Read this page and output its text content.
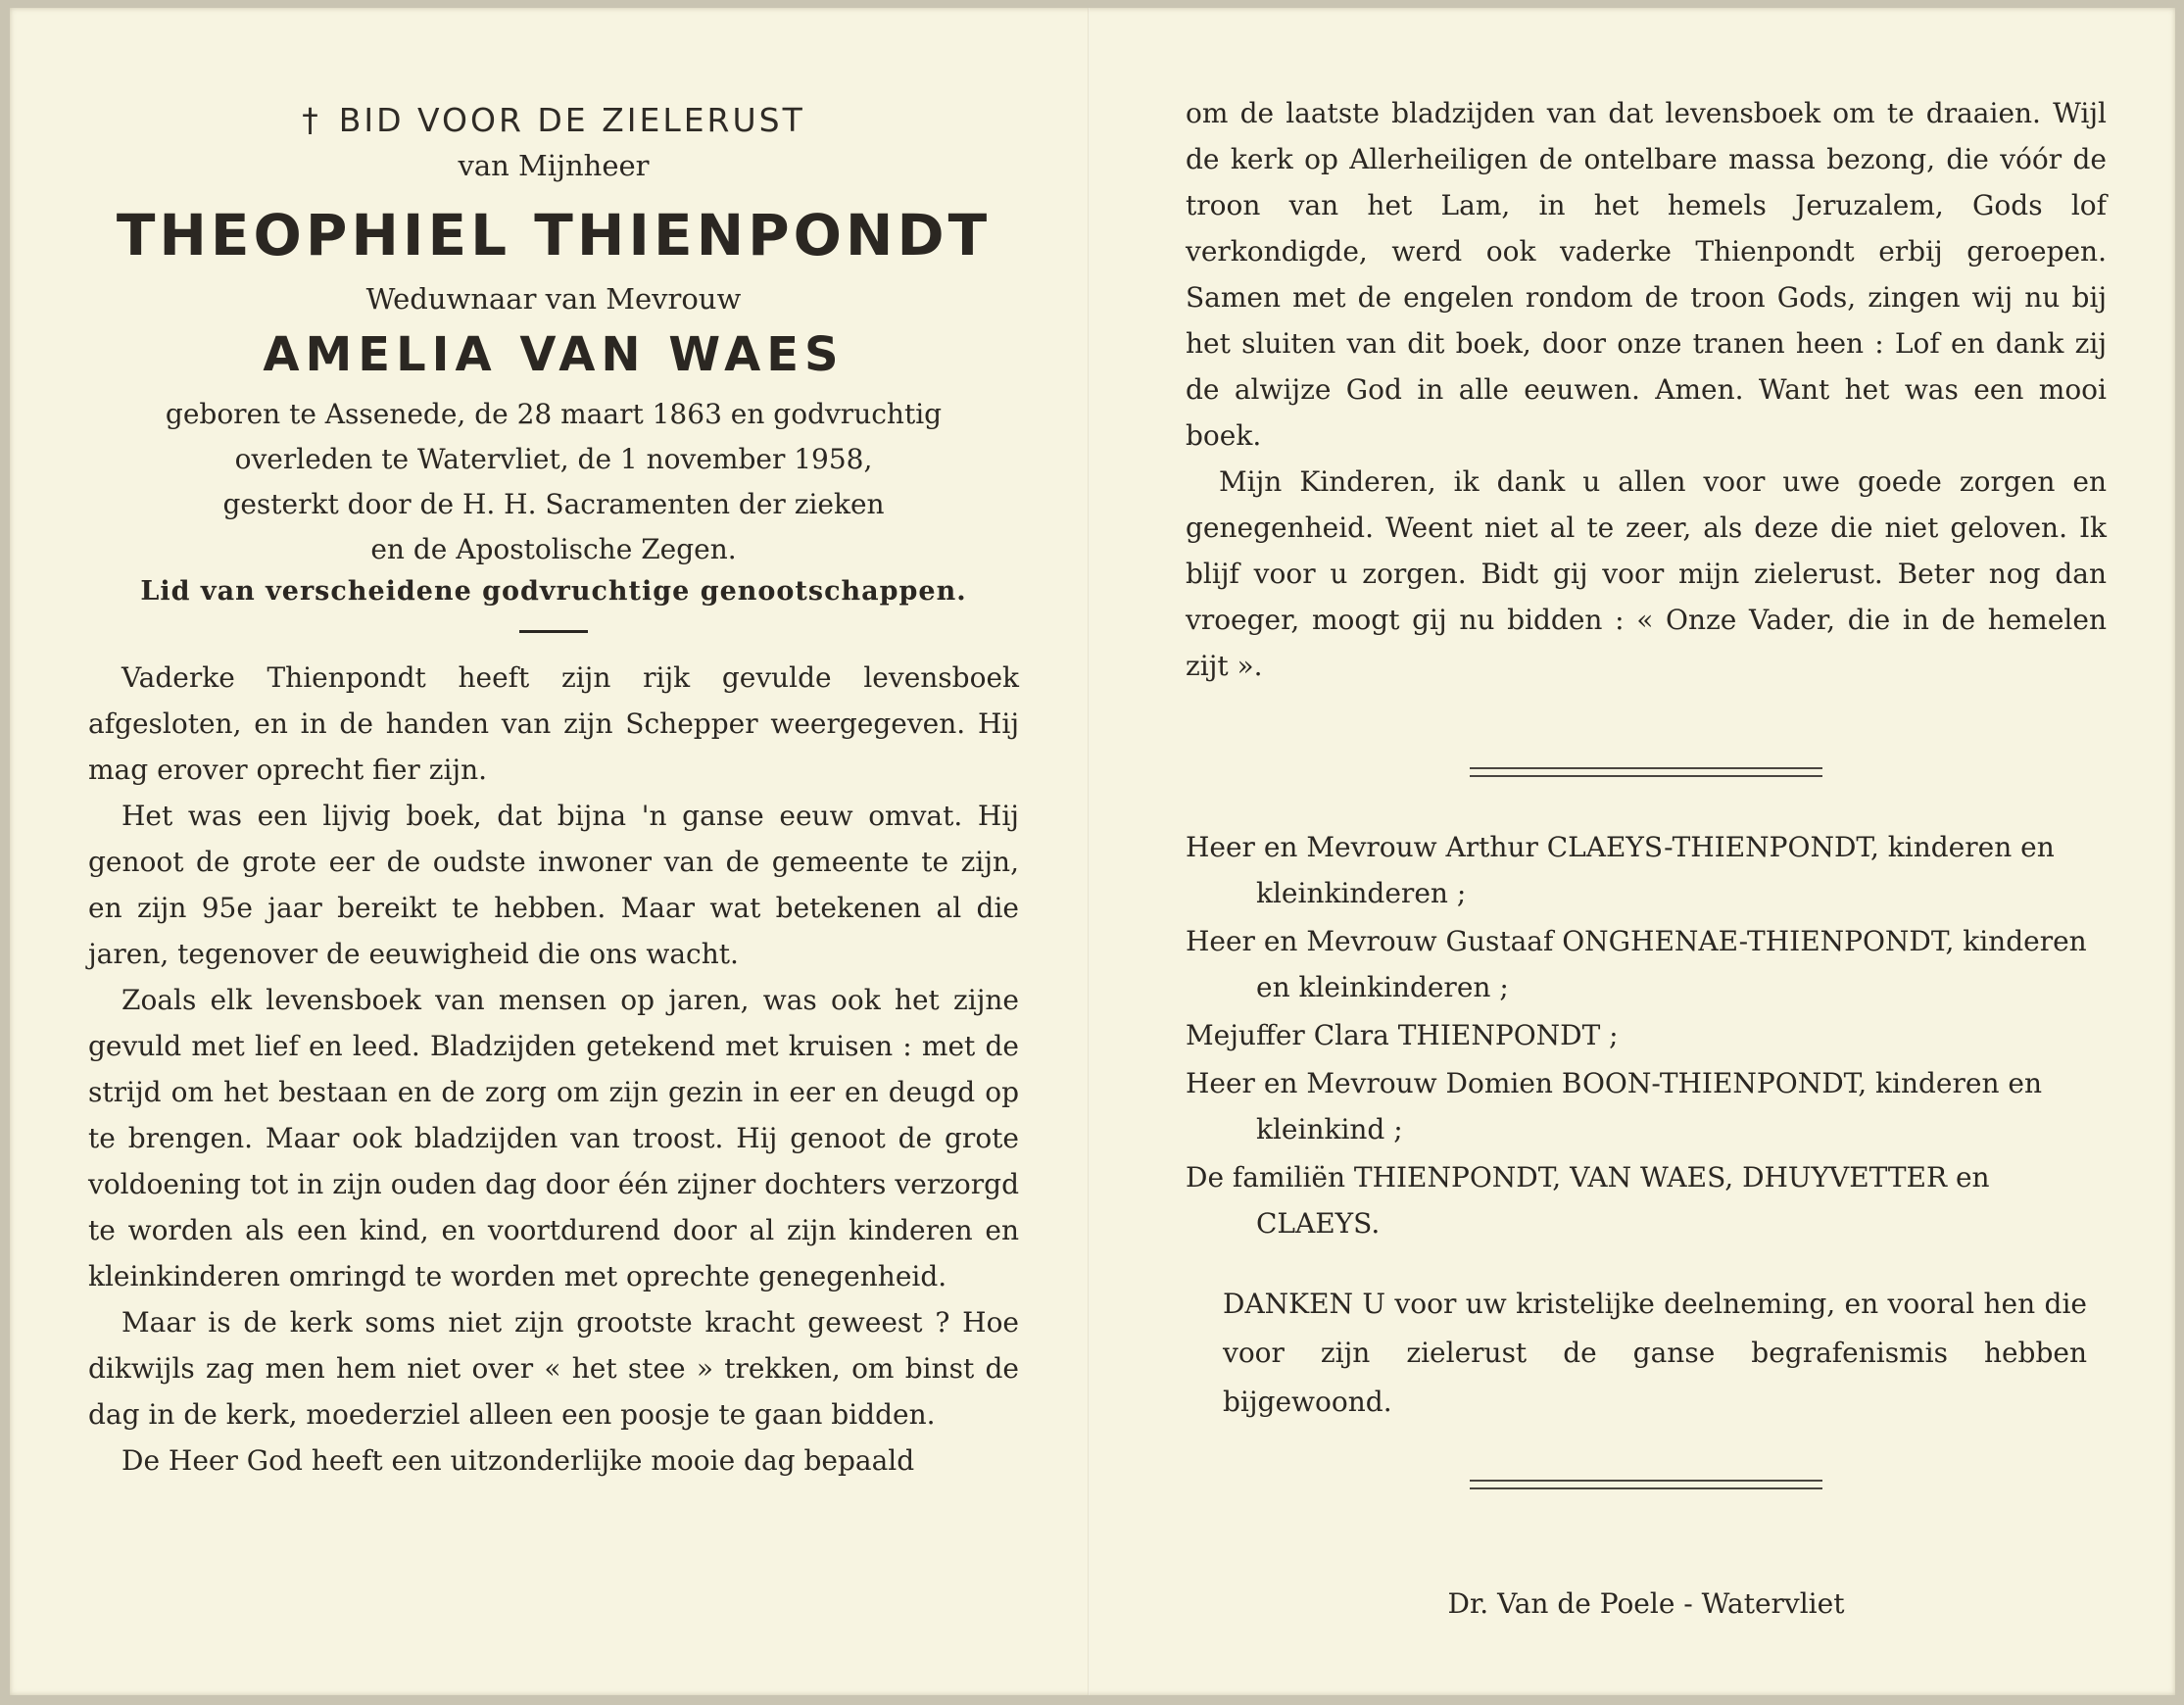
† BID VOOR DE ZIELERUST
van Mijnheer
THEOPHIEL THIENPONDT
Weduwnaar van Mevrouw
AMELIA VAN WAES
geboren te Assenede, de 28 maart 1863 en godvruchtig
overleden te Watervliet, de 1 november 1958,
gesterkt door de H. H. Sacramenten der zieken
en de Apostolische Zegen.
Lid van verscheidene godvruchtige genootschappen.

Vaderke Thienpondt heeft zijn rijk gevulde levensboek afgesloten, en in de handen van zijn Schepper weergegeven. Hij mag erover oprecht fier zijn.

Het was een lijvig boek, dat bijna 'n ganse eeuw omvat. Hij genoot de grote eer de oudste inwoner van de gemeente te zijn, en zijn 95e jaar bereikt te hebben. Maar wat betekenen al die jaren, tegenover de eeuwigheid die ons wacht.

Zoals elk levensboek van mensen op jaren, was ook het zijne gevuld met lief en leed. Bladzijden getekend met kruisen : met de strijd om het bestaan en de zorg om zijn gezin in eer en deugd op te brengen. Maar ook bladzijden van troost. Hij genoot de grote voldoening tot in zijn ouden dag door één zijner dochters verzorgd te worden als een kind, en voortdurend door al zijn kinderen en kleinkinderen omringd te worden met oprechte genegenheid.

Maar is de kerk soms niet zijn grootste kracht geweest ? Hoe dikwijls zag men hem niet over « het stee » trekken, om binst de dag in de kerk, moederziel alleen een poosje te gaan bidden.

De Heer God heeft een uitzonderlijke mooie dag bepaald

om de laatste bladzijden van dat levensboek om te draaien. Wijl de kerk op Allerheiligen de ontelbare massa bezong, die vóór de troon van het Lam, in het hemels Jeruzalem, Gods lof verkondigde, werd ook vaderke Thienpondt erbij geroepen. Samen met de engelen rondom de troon Gods, zingen wij nu bij het sluiten van dit boek, door onze tranen heen : Lof en dank zij de alwijze God in alle eeuwen. Amen. Want het was een mooi boek.

Mijn Kinderen, ik dank u allen voor uwe goede zorgen en genegenheid. Weent niet al te zeer, als deze die niet geloven. Ik blijf voor u zorgen. Bidt gij voor mijn zielerust. Beter nog dan vroeger, moogt gij nu bidden : « Onze Vader, die in de hemelen zijt ».

Heer en Mevrouw Arthur CLAEYS-THIENPONDT, kinderen en kleinkinderen ;

Heer en Mevrouw Gustaaf ONGHENAE-THIENPONDT, kinderen en kleinkinderen ;

Mejuffer Clara THIENPONDT ;

Heer en Mevrouw Domien BOON-THIENPONDT, kinderen en kleinkind ;

De familiën THIENPONDT, VAN WAES, DHUYVETTER en CLAEYS.

DANKEN U voor uw kristelijke deelneming, en vooral hen die voor zijn zielerust de ganse begrafenismis hebben bijgewoond.
Dr. Van de Poele - Watervliet
